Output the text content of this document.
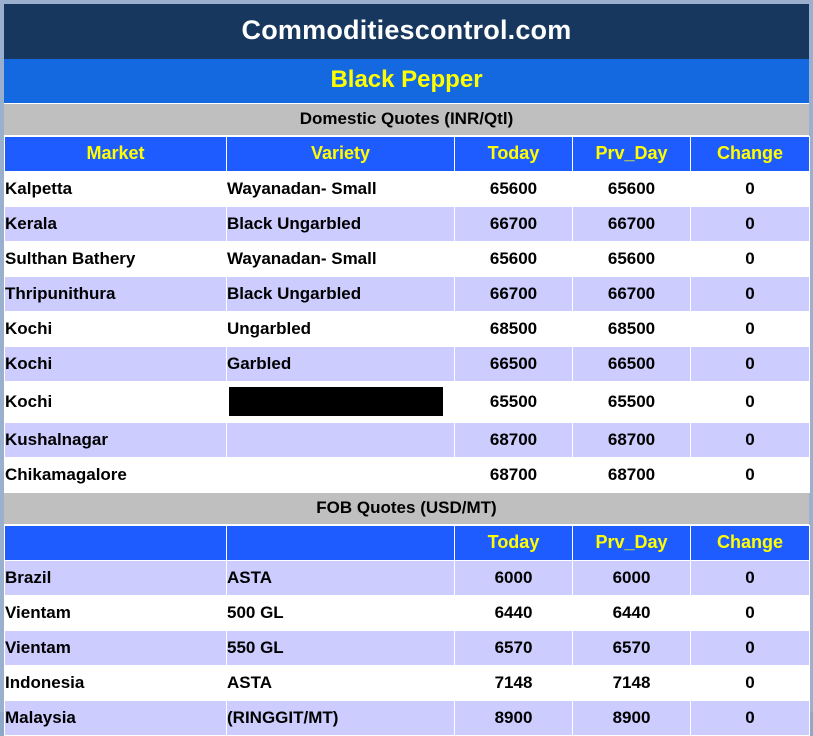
Commoditiescontrol.com
Black Pepper
Domestic Quotes (INR/Qtl)
Market	Variety	Today	Prv_Day	Change
Kalpetta	Wayanadan- Small	65600	65600	0
Kerala	Black Ungarbled	66700	66700	0
Sulthan Bathery	Wayanadan- Small	65600	65600	0
Thripunithura	Black Ungarbled	66700	66700	0
Kochi	Ungarbled	68500	68500	0
Kochi	Garbled	66500	66500	0
Kochi		65500	65500	0
Kushalnagar		68700	68700	0
Chikamagalore		68700	68700	0
FOB Quotes (USD/MT)
		Today	Prv_Day	Change
Brazil	ASTA	6000	6000	0
Vientam	500 GL	6440	6440	0
Vientam	550 GL	6570	6570	0
Indonesia	ASTA	7148	7148	0
Malaysia	(RINGGIT/MT)	8900	8900	0
